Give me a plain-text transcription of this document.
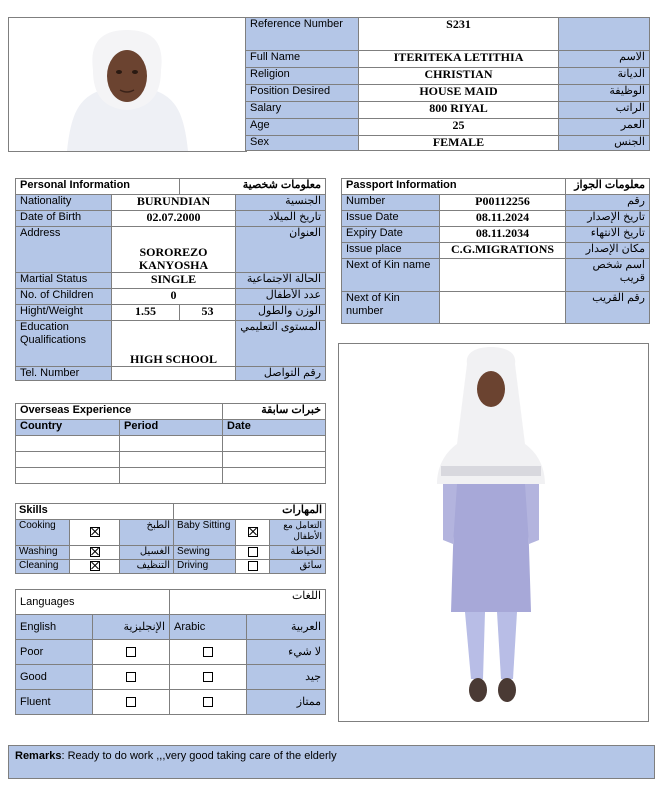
Reference Number	S231	
Full Name	ITERITEKA LETITHIA	الاسم
Religion	CHRISTIAN	الديانة
Position Desired	HOUSE MAID	الوظيفة
Salary	800 RIYAL	الراتب
Age	25	العمر
Sex	FEMALE	الجنس
Personal Information		معلومات شخصية	
Nationality	BURUNDIAN		الجنسية
Date of Birth	02.07.2000		تاريخ الميلاد
Address	SOROREZO KANYOSHA		العنوان
Martial Status	SINGLE		الحالة الاجتماعية
No. of Children	0		عدد الأطفال
Hight/Weight	1.55	53	الوزن والطول
Education Qualifications	HIGH SCHOOL		المستوى التعليمي
Tel. Number			رقم التواصل
Passport Information		معلومات الجواز
Number	P00112256	رقم
Issue Date	08.11.2024	تاريخ الإصدار
Expiry Date	08.11.2034	تاريخ الانتهاء
Issue place	C.G.MIGRATIONS	مكان الإصدار
Next of Kin name		اسم شخص قريب
Next of Kin number		رقم القريب
Overseas Experience		خبرات سابقة
Country	Period	Date

Skills			المهارات		
Cooking		الطبخ	Baby Sitting		التعامل مع الأطفال
Washing		الغسيل	Sewing		الخياطة
Cleaning		التنظيف	Driving		سائق
Languages		اللغات	
English	الإنجليزية	Arabic	العربية
Poor			لا شيء
Good			جيد
Fluent			ممتاز
Remarks: Ready to do work ,,,very good taking care of the elderly
